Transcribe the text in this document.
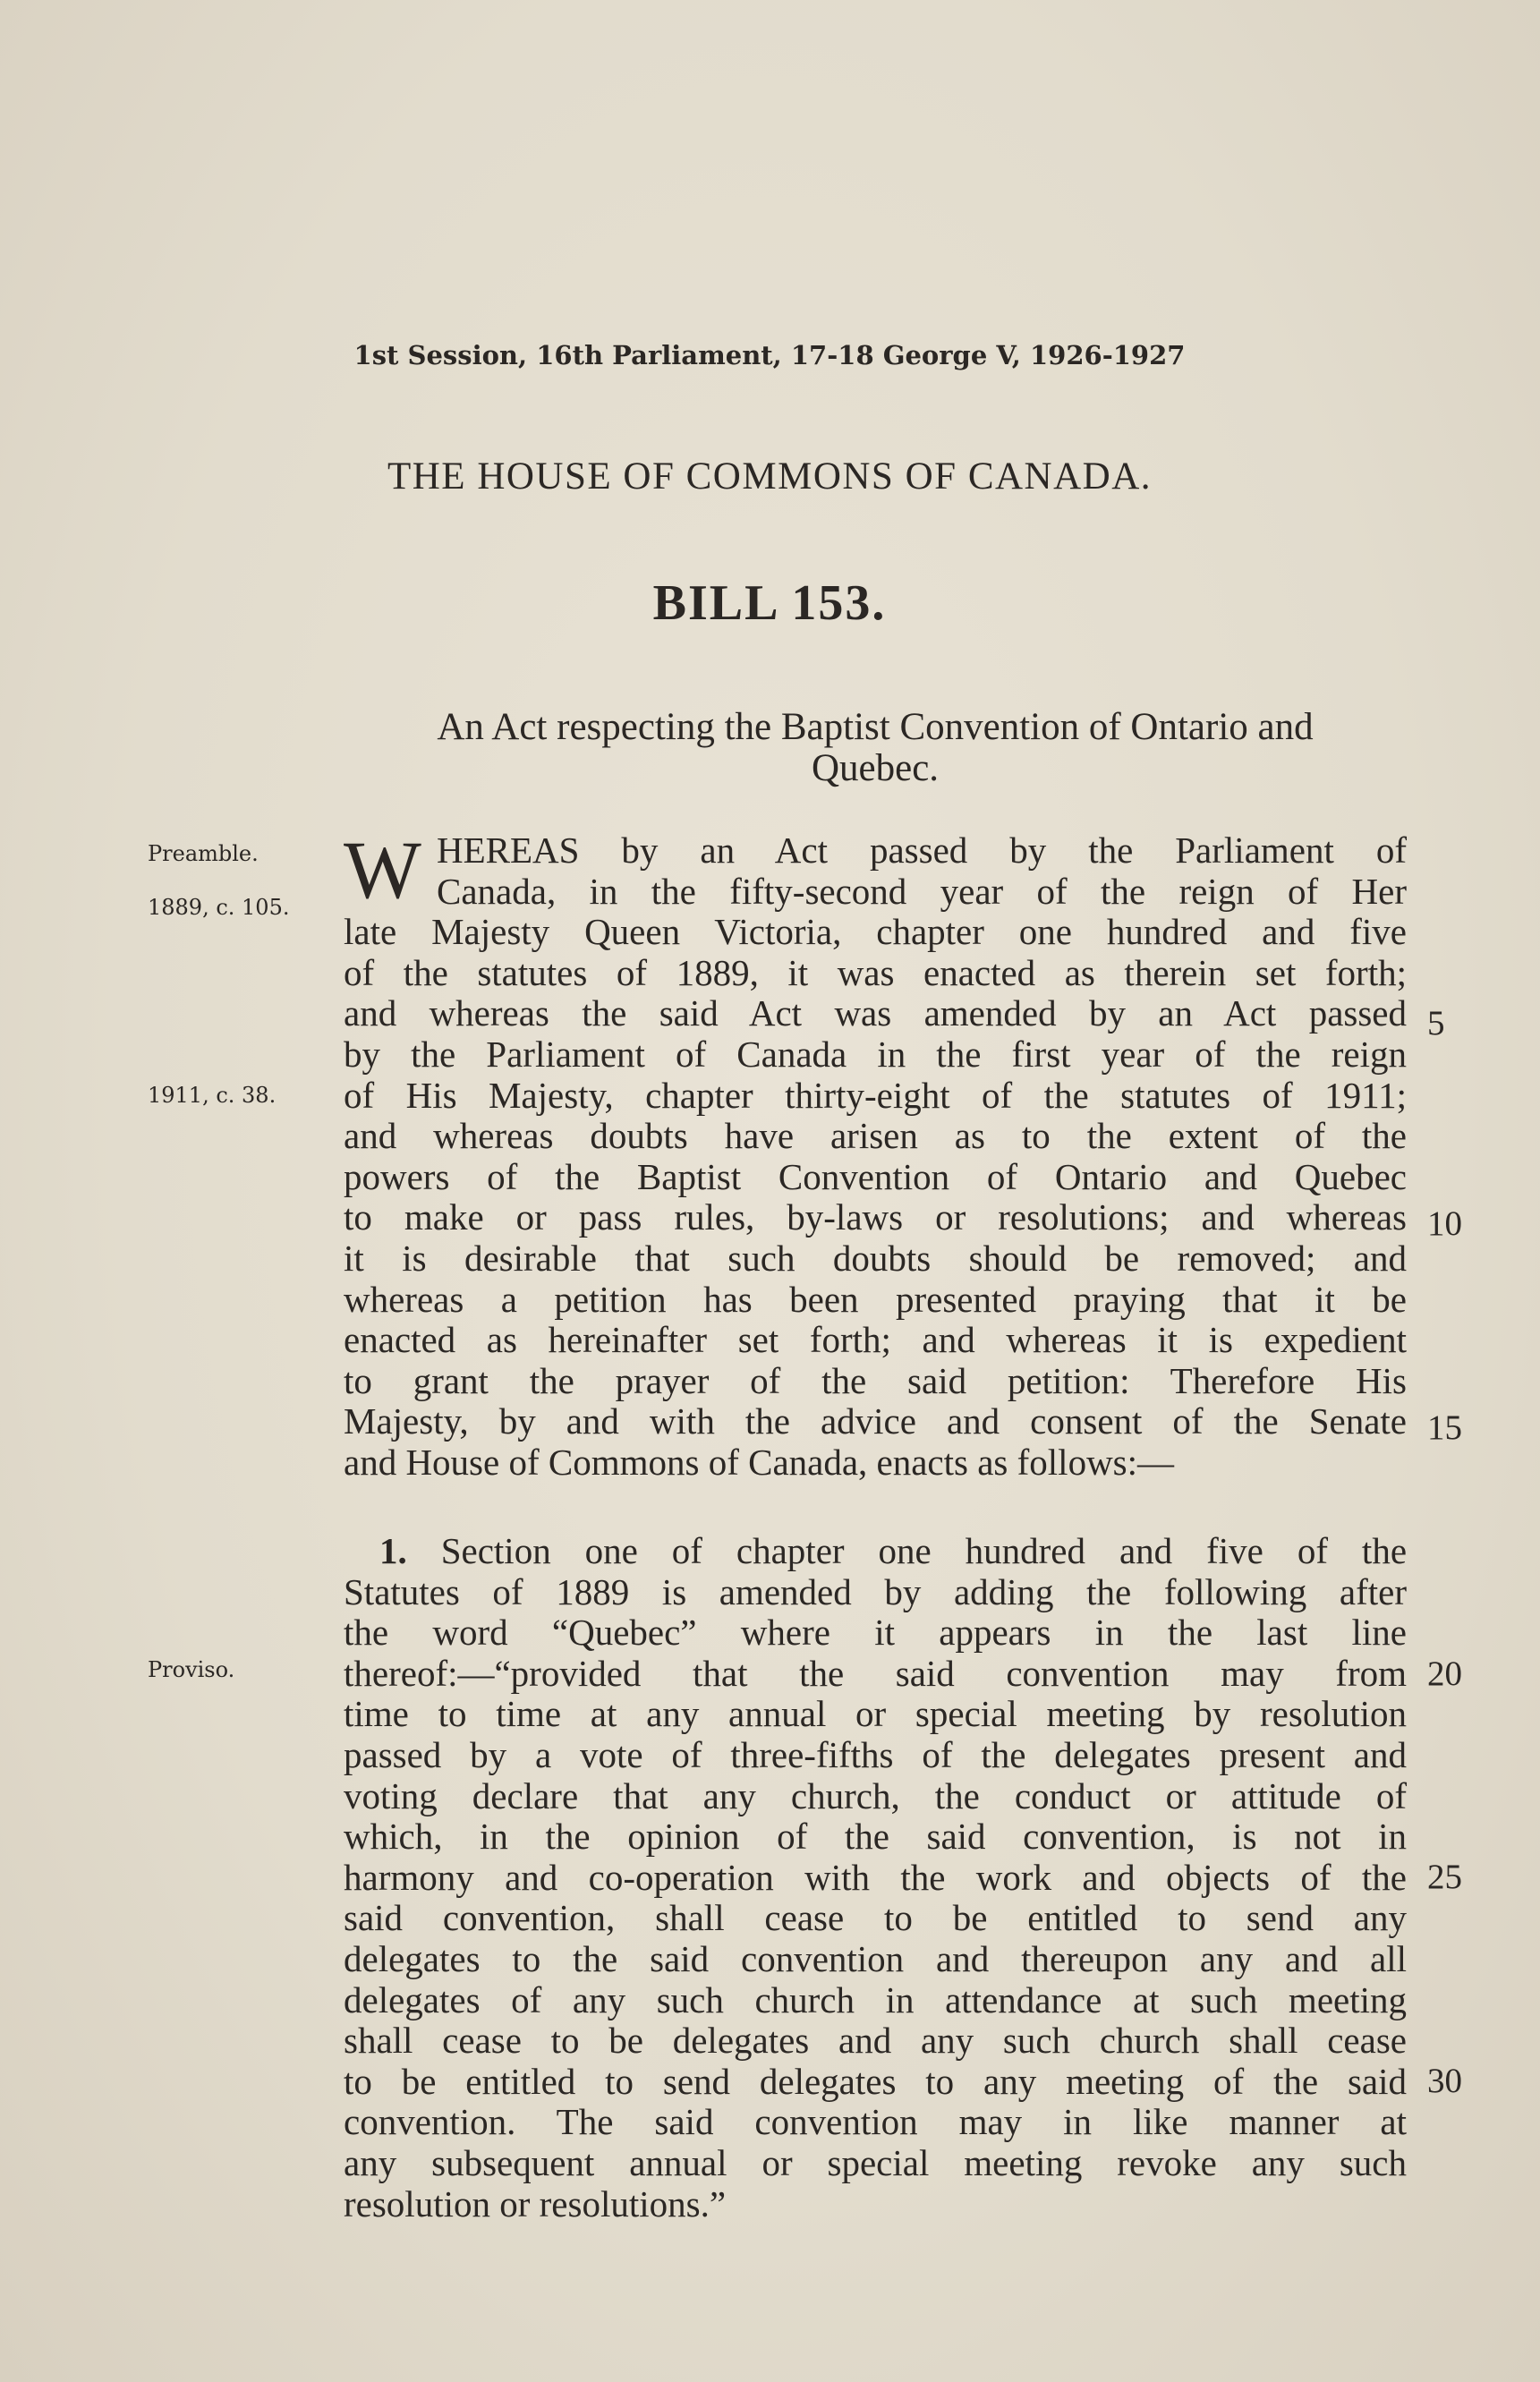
1st Session, 16th Parliament, 17-18 George V, 1926-1927
THE HOUSE OF COMMONS OF CANADA.
BILL 153.
An Act respecting the Baptist Convention of Ontario and
Quebec.
Preamble.
1889, c. 105.
1911, c. 38.
Proviso.
W HEREAS by an Act passed by the Parliament of
Canada, in the fifty-second year of the reign of Her
late Majesty Queen Victoria, chapter one hundred and five
of the statutes of 1889, it was enacted as therein set forth;
and whereas the said Act was amended by an Act passed
by the Parliament of Canada in the first year of the reign
of His Majesty, chapter thirty-eight of the statutes of 1911;
and whereas doubts have arisen as to the extent of the
powers of the Baptist Convention of Ontario and Quebec
to make or pass rules, by-laws or resolutions; and whereas
it is desirable that such doubts should be removed; and
whereas a petition has been presented praying that it be
enacted as hereinafter set forth; and whereas it is expedient
to grant the prayer of the said petition: Therefore His
Majesty, by and with the advice and consent of the Senate
and House of Commons of Canada, enacts as follows:—
1. Section one of chapter one hundred and five of the
Statutes of 1889 is amended by adding the following after
the word “Quebec” where it appears in the last line
thereof:—“provided that the said convention may from
time to time at any annual or special meeting by resolution
passed by a vote of three-fifths of the delegates present and
voting declare that any church, the conduct or attitude of
which, in the opinion of the said convention, is not in
harmony and co-operation with the work and objects of the
said convention, shall cease to be entitled to send any
delegates to the said convention and thereupon any and all
delegates of any such church in attendance at such meeting
shall cease to be delegates and any such church shall cease
to be entitled to send delegates to any meeting of the said
convention. The said convention may in like manner at
any subsequent annual or special meeting revoke any such
resolution or resolutions.”
5
10
15
20
25
30
